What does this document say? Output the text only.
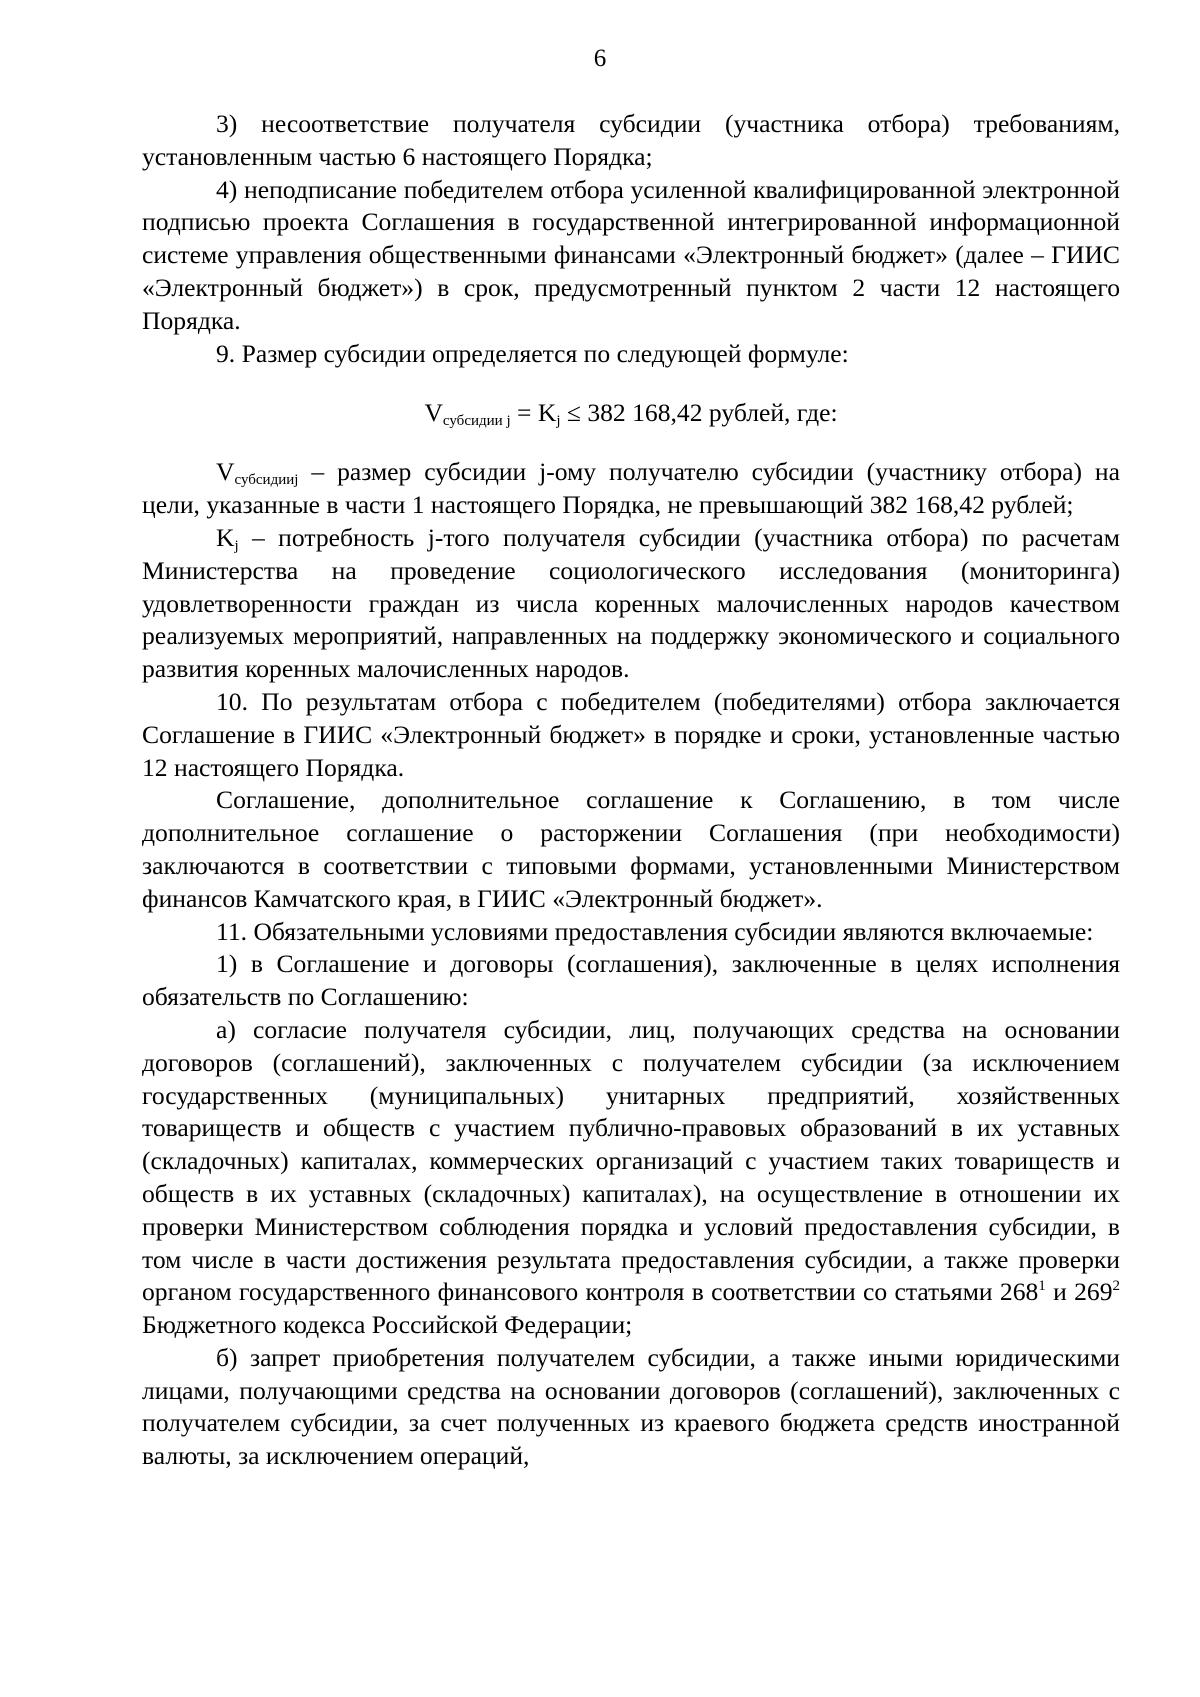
6

3) несоответствие получателя субсидии (участника отбора) требованиям, установленным частью 6 настоящего Порядка;

4) неподписание победителем отбора усиленной квалифицированной электронной подписью проекта Соглашения в государственной интегрированной информационной системе управления общественными финансами «Электронный бюджет» (далее – ГИИС «Электронный бюджет») в срок, предусмотренный пунктом 2 части 12 настоящего Порядка.

9. Размер субсидии определяется по следующей формуле:

$V_{субсидии j} = K_j \le 382$ 168,42 рублей, где:

$V_{субсидииj}$ – размер субсидии j-ому получателю субсидии (участнику отбора) на цели, указанные в части 1 настоящего Порядка, не превышающий 382 168,42 рублей;

$K_j$ – потребность j-того получателя субсидии (участника отбора) по расчетам Министерства на проведение социологического исследования (мониторинга) удовлетворенности граждан из числа коренных малочисленных народов качеством реализуемых мероприятий, направленных на поддержку экономического и социального развития коренных малочисленных народов.

10. По результатам отбора с победителем (победителями) отбора заключается Соглашение в ГИИС «Электронный бюджет» в порядке и сроки, установленные частью 12 настоящего Порядка.

Соглашение, дополнительное соглашение к Соглашению, в том числе дополнительное соглашение о расторжении Соглашения (при необходимости) заключаются в соответствии с типовыми формами, установленными Министерством финансов Камчатского края, в ГИИС «Электронный бюджет».

11. Обязательными условиями предоставления субсидии являются включаемые:

1) в Соглашение и договоры (соглашения), заключенные в целях исполнения обязательств по Соглашению:

а) согласие получателя субсидии, лиц, получающих средства на основании договоров (соглашений), заключенных с получателем субсидии (за исключением государственных (муниципальных) унитарных предприятий, хозяйственных товариществ и обществ с участием публично-правовых образований в их уставных (складочных) капиталах, коммерческих организаций с участием таких товариществ и обществ в их уставных (складочных) капиталах), на осуществление в отношении их проверки Министерством соблюдения порядка и условий предоставления субсидии, в том числе в части достижения результата предоставления субсидии, а также проверки органом государственного финансового контроля в соответствии со статьями $268^1$ и $269^2$ Бюджетного кодекса Российской Федерации;

б) запрет приобретения получателем субсидии, а также иными юридическими лицами, получающими средства на основании договоров (соглашений), заключенных с получателем субсидии, за счет полученных из краевого бюджета средств иностранной валюты, за исключением операций,
